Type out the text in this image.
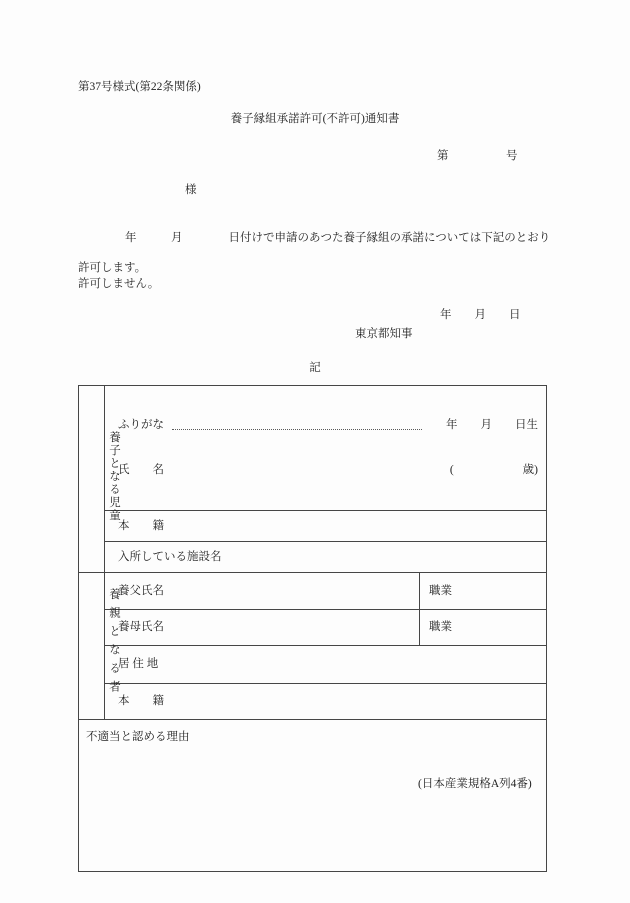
第37号様式(第22条関係)
養子縁組承諾許可(不許可)通知書
第　　　　　号
様
年　　　月　　　　日付けで申請のあつた養子縁組の承諾については下記のとおり
許可します。
許可しません。
年　　月　　日
東京都知事
記

養子となる児童	ふりがな 年　　月　　日生

氏　　名 (　　　　　　歳)	

	本　　籍	
	入所している施設名	

養親となる者	養父氏名	職業
	養母氏名	職業
	居 住 地	
	本　　籍	
不適当と認める理由		
(日本産業規格A列4番)
